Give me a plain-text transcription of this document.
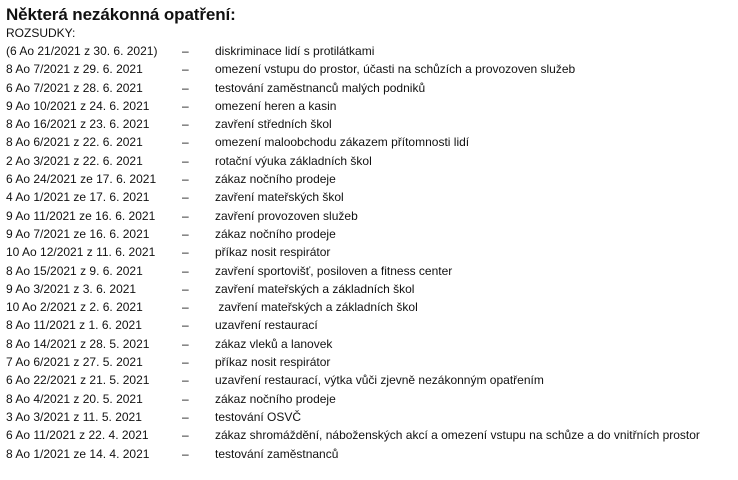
Některá nezákonná opatření:
ROZSUDKY:
(6 Ao 21/2021 z 30. 6. 2021)	–	diskriminace lidí s protilátkami
8 Ao 7/2021 z 29. 6. 2021	–	omezení vstupu do prostor, účasti na schůzích a provozoven služeb
6 Ao 7/2021 z 28. 6. 2021	–	testování zaměstnanců malých podniků
9 Ao 10/2021 z 24. 6. 2021	–	omezení heren a kasin
8 Ao 16/2021 z 23. 6. 2021	–	zavření středních škol
8 Ao 6/2021 z 22. 6. 2021	–	omezení maloobchodu zákazem přítomnosti lidí
2 Ao 3/2021 z 22. 6. 2021	–	rotační výuka základních škol
6 Ao 24/2021 ze 17. 6. 2021	–	zákaz nočního prodeje
4 Ao 1/2021 ze 17. 6. 2021	–	zavření mateřských škol
9 Ao 11/2021 ze 16. 6. 2021	–	zavření provozoven služeb
9 Ao 7/2021 ze 16. 6. 2021	–	zákaz nočního prodeje
10 Ao 12/2021 z 11. 6. 2021	–	příkaz nosit respirátor
8 Ao 15/2021 z 9. 6. 2021	–	zavření sportovišť, posiloven a fitness center
9 Ao 3/2021 z 3. 6. 2021	–	zavření mateřských a základních škol
10 Ao 2/2021 z 2. 6. 2021	–	zavření mateřských a základních škol
8 Ao 11/2021 z 1. 6. 2021	–	uzavření restaurací
8 Ao 14/2021 z 28. 5. 2021	–	zákaz vleků a lanovek
7 Ao 6/2021 z 27. 5. 2021	–	příkaz nosit respirátor
6 Ao 22/2021 z 21. 5. 2021	–	uzavření restaurací, výtka vůči zjevně nezákonným opatřením
8 Ao 4/2021 z 20. 5. 2021	–	zákaz nočního prodeje
3 Ao 3/2021 z 11. 5. 2021	–	testování OSVČ
6 Ao 11/2021 z 22. 4. 2021	–	zákaz shromáždění, náboženských akcí a omezení vstupu na schůze a do vnitřních prostor
8 Ao 1/2021 ze 14. 4. 2021	–	testování zaměstnanců
